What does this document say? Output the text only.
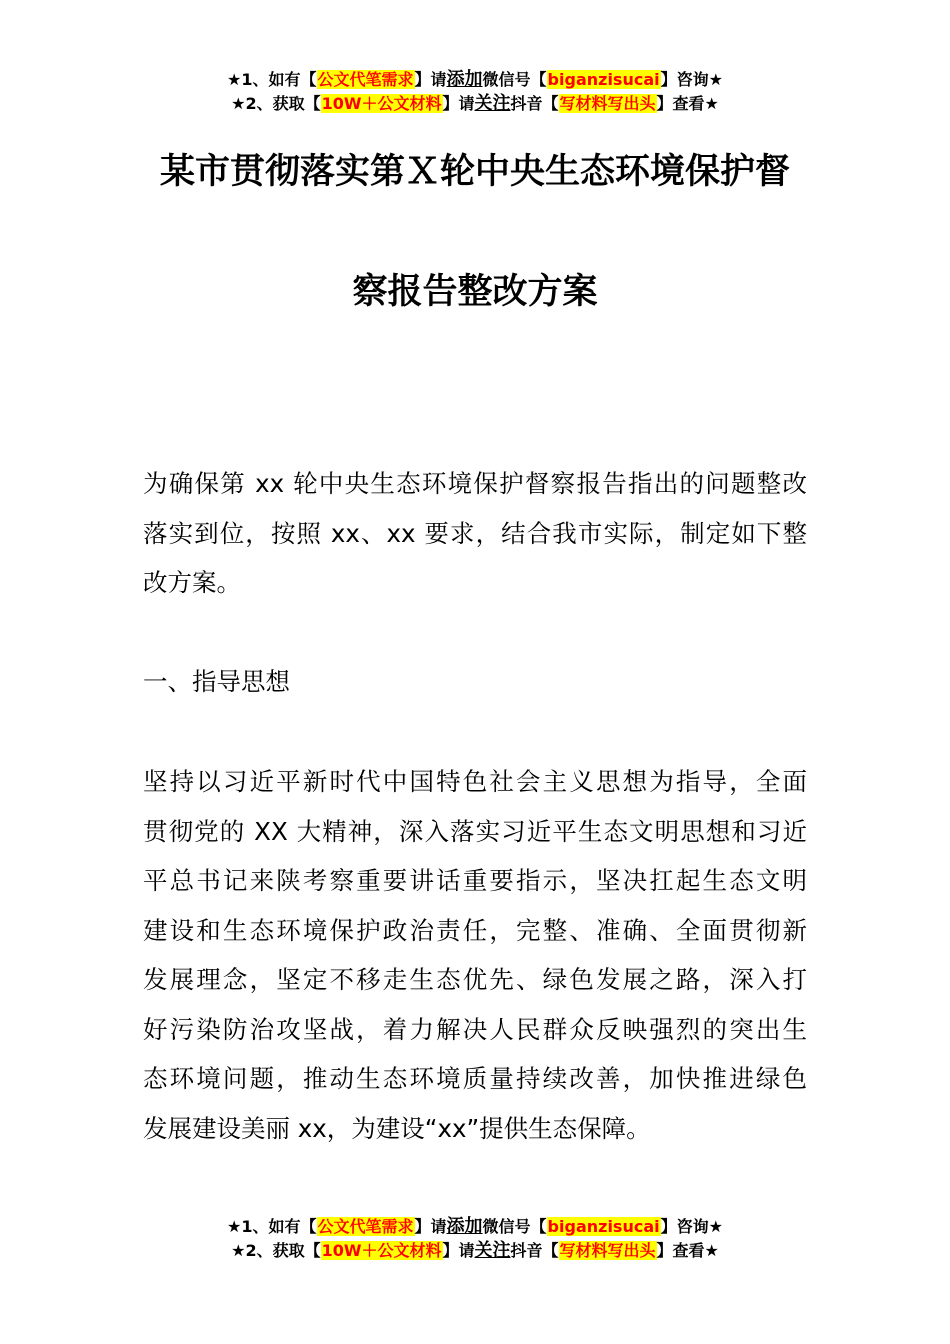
★1、如有【公文代笔需求】请添加微信号【biganzisucai】咨询★
★2、获取【10W＋公文材料】请关注抖音【写材料写出头】查看★
某市贯彻落实第Ｘ轮中央生态环境保护督
察报告整改方案
为确保第 xx 轮中央生态环境保护督察报告指出的问题整改
落实到位，按照 xx、xx 要求，结合我市实际，制定如下整
改方案。
一、指导思想
坚持以习近平新时代中国特色社会主义思想为指导，全面
贯彻党的 XX 大精神，深入落实习近平生态文明思想和习近
平总书记来陕考察重要讲话重要指示，坚决扛起生态文明
建设和生态环境保护政治责任，完整、准确、全面贯彻新
发展理念，坚定不移走生态优先、绿色发展之路，深入打
好污染防治攻坚战，着力解决人民群众反映强烈的突出生
态环境问题，推动生态环境质量持续改善，加快推进绿色
发展建设美丽 xx，为建设“xx”提供生态保障。
★1、如有【公文代笔需求】请添加微信号【biganzisucai】咨询★
★2、获取【10W＋公文材料】请关注抖音【写材料写出头】查看★
